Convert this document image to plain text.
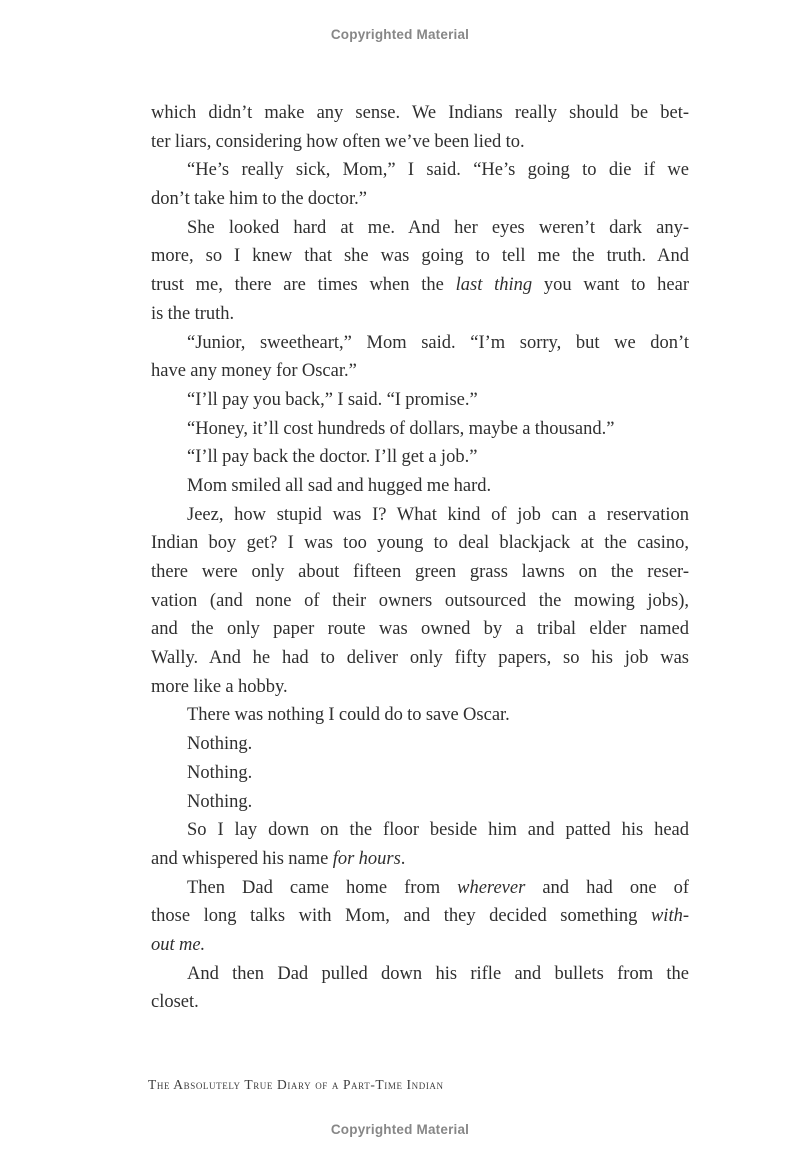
Copyrighted Material
which didn’t make any sense. We Indians really should be bet-
ter liars, considering how often we’ve been lied to.
“He’s really sick, Mom,” I said. “He’s going to die if we
don’t take him to the doctor.”
She looked hard at me. And her eyes weren’t dark any-
more, so I knew that she was going to tell me the truth. And
trust me, there are times when the last thing you want to hear
is the truth.
“Junior, sweetheart,” Mom said. “I’m sorry, but we don’t
have any money for Oscar.”
“I’ll pay you back,” I said. “I promise.”
“Honey, it’ll cost hundreds of dollars, maybe a thousand.”
“I’ll pay back the doctor. I’ll get a job.”
Mom smiled all sad and hugged me hard.
Jeez, how stupid was I? What kind of job can a reservation
Indian boy get? I was too young to deal blackjack at the casino,
there were only about fifteen green grass lawns on the reser-
vation (and none of their owners outsourced the mowing jobs),
and the only paper route was owned by a tribal elder named
Wally. And he had to deliver only fifty papers, so his job was
more like a hobby.
There was nothing I could do to save Oscar.
Nothing.
Nothing.
Nothing.
So I lay down on the floor beside him and patted his head
and whispered his name for hours.
Then Dad came home from wherever and had one of
those long talks with Mom, and they decided something with-
out me.
And then Dad pulled down his rifle and bullets from the
closet.
The Absolutely True Diary of a Part-Time Indian
Copyrighted Material
